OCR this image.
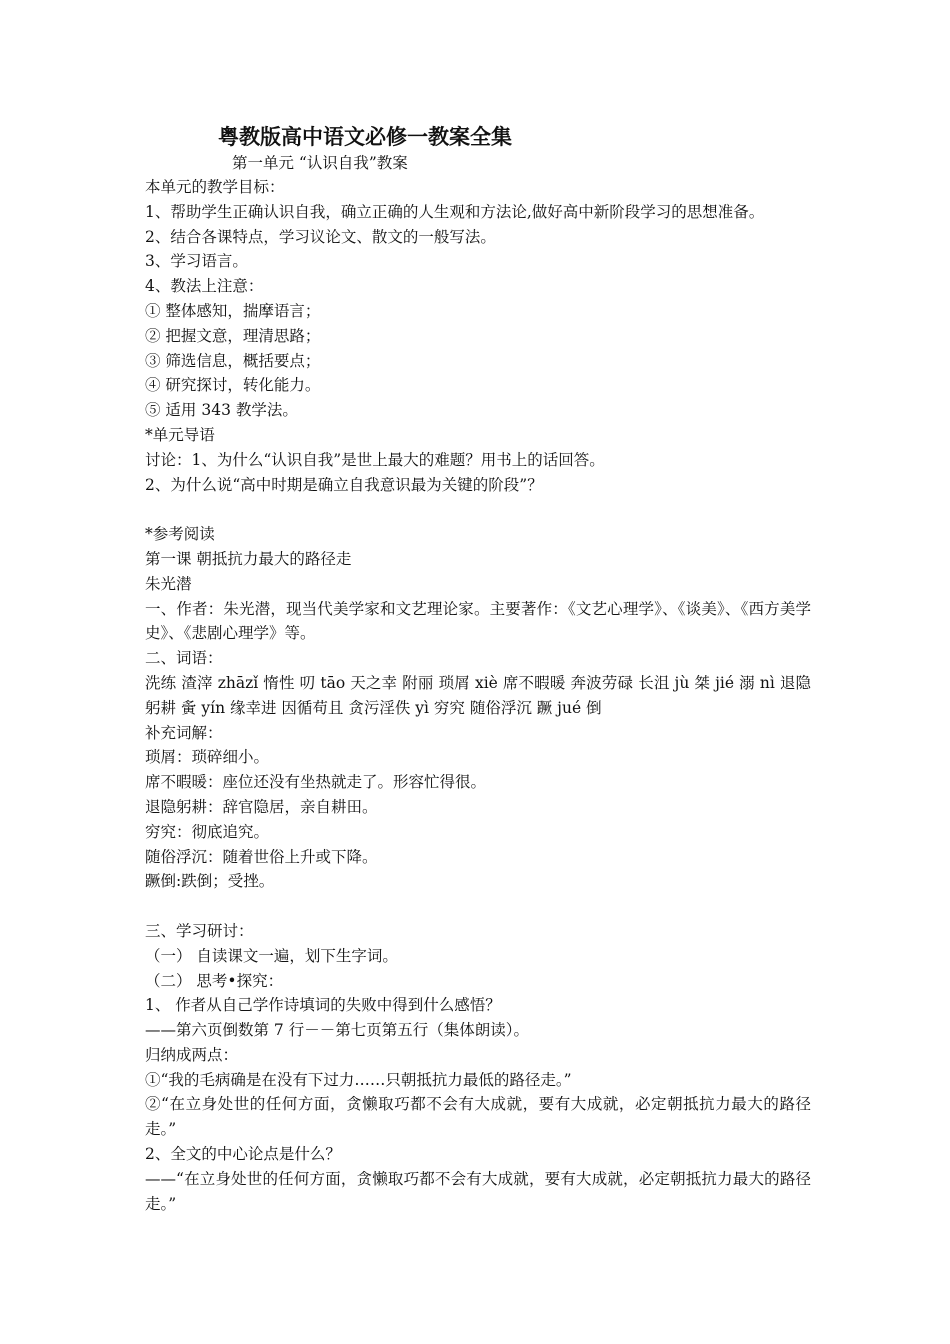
粤教版高中语文必修一教案全集
第一单元 “认识自我”教案

本单元的教学目标：

1、帮助学生正确认识自我，确立正确的人生观和方法论,做好高中新阶段学习的思想准备。

2、结合各课特点，学习议论文、散文的一般写法。

3、学习语言。

4、教法上注意：

① 整体感知，揣摩语言；

② 把握文意，理清思路；

③ 筛选信息，概括要点；

④ 研究探讨，转化能力。

⑤ 适用 343 教学法。

*单元导语

讨论：1、为什么“认识自我”是世上最大的难题？用书上的话回答。

2、为什么说“高中时期是确立自我意识最为关键的阶段”？

*参考阅读

第一课 朝抵抗力最大的路径走

朱光潜

一、作者：朱光潜，现当代美学家和文艺理论家。主要著作：《文艺心理学》、《谈美》、《西方美学史》、《悲剧心理学》等。

二、词语：

洗练 渣滓 zhāzǐ 惰性 叨 tāo 天之幸 附丽 琐屑 xiè 席不暇暖 奔波劳碌 长沮 jù 桀 jié 溺 nì 退隐躬耕 夤 yín 缘幸进 因循苟且 贪污淫佚 yì 穷究 随俗浮沉 蹶 jué 倒

补充词解：

琐屑：琐碎细小。

席不暇暖：座位还没有坐热就走了。形容忙得很。

退隐躬耕：辞官隐居，亲自耕田。

穷究：彻底追究。

随俗浮沉：随着世俗上升或下降。

蹶倒:跌倒；受挫。

三、学习研讨：

（一） 自读课文一遍，划下生字词。

（二） 思考•探究：

1、 作者从自己学作诗填词的失败中得到什么感悟？

——第六页倒数第 7 行－－第七页第五行（集体朗读）。

归纳成两点：

①“我的毛病确是在没有下过力……只朝抵抗力最低的路径走。”

②“在立身处世的任何方面，贪懒取巧都不会有大成就，要有大成就，必定朝抵抗力最大的路径走。”

2、全文的中心论点是什么？

——“在立身处世的任何方面，贪懒取巧都不会有大成就，要有大成就，必定朝抵抗力最大的路径走。”
